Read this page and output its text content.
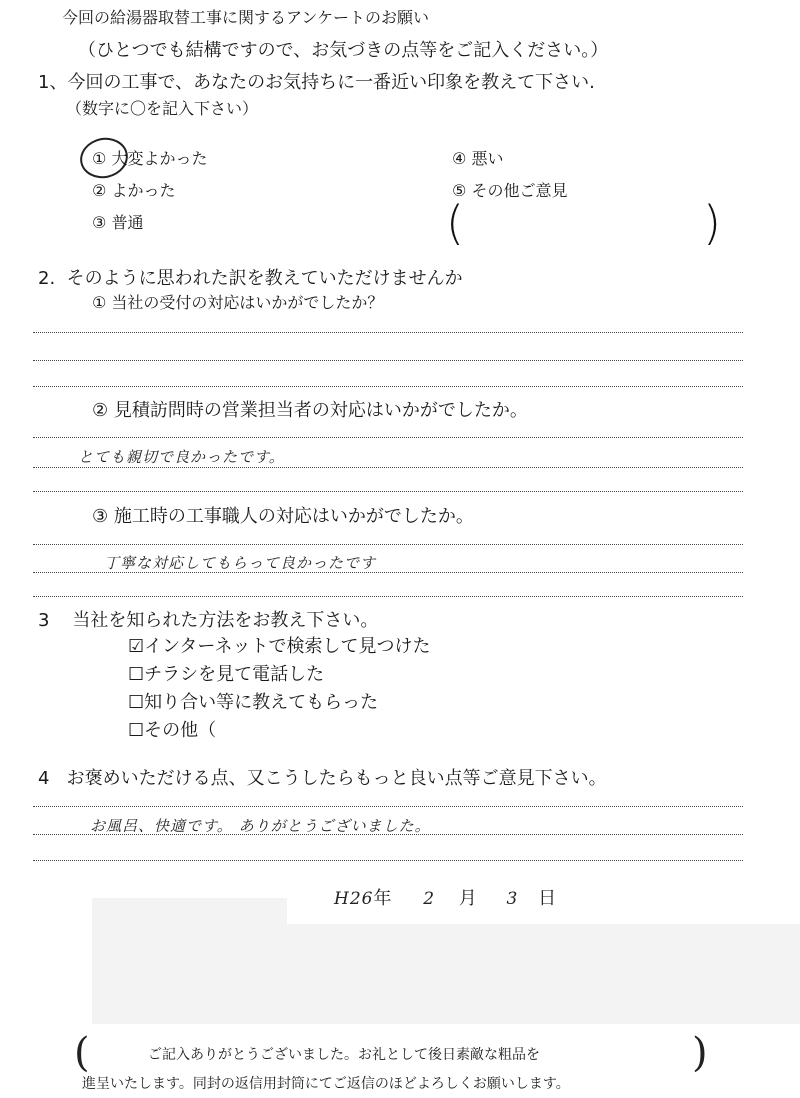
今回の給湯器取替工事に関するアンケートのお願い
（ひとつでも結構ですので、お気づきの点等をご記入ください。）
1、今回の工事で、あなたのお気持ちに一番近い印象を教えて下さい.
（数字に〇を記入下さい）
① 大変よかった
② よかった
③ 普通
④ 悪い
⑤ その他ご意見
(	)
2. そのように思われた訳を教えていただけませんか
① 当社の受付の対応はいかがでしたか？
② 見積訪問時の営業担当者の対応はいかがでしたか。
とても親切で良かったです。
③ 施工時の工事職人の対応はいかがでしたか。
丁寧な対応してもらって良かったです
3 当社を知られた方法をお教え下さい。
☑インターネットで検索して見つけた
☐チラシを見て電話した
☐知り合い等に教えてもらった
☐その他（
4 お褒めいただける点、又こうしたらもっと良い点等ご意見下さい。
お風呂、快適です。 ありがとうございました。
H26年 2 月 3 日
(	)
ご記入ありがとうございました。お礼として後日素敵な粗品を
進呈いたします。同封の返信用封筒にてご返信のほどよろしくお願いします。
